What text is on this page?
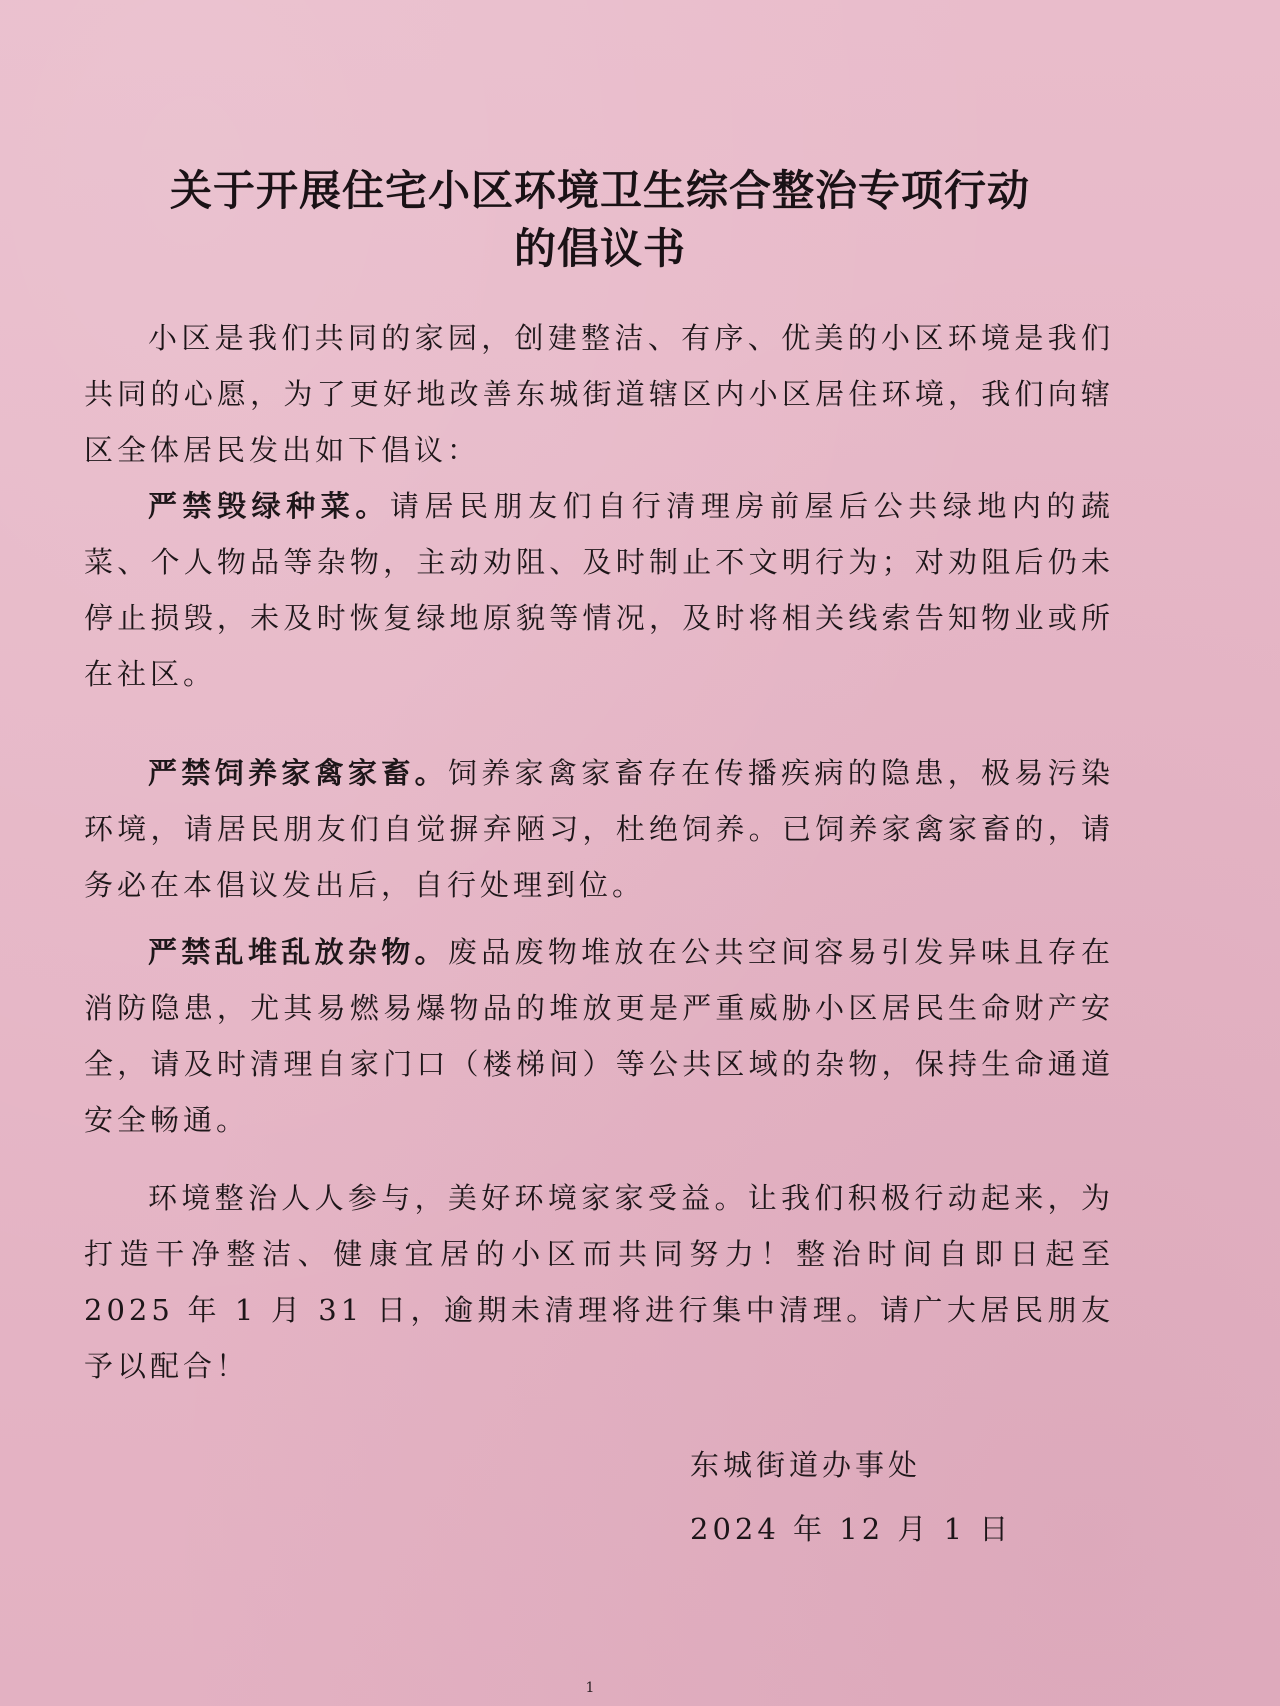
关于开展住宅小区环境卫生综合整治专项行动
的倡议书

小区是我们共同的家园，创建整洁、有序、优美的小区环境是我们共同的心愿，为了更好地改善东城街道辖区内小区居住环境，我们向辖区全体居民发出如下倡议：

严禁毁绿种菜。请居民朋友们自行清理房前屋后公共绿地内的蔬菜、个人物品等杂物，主动劝阻、及时制止不文明行为；对劝阻后仍未停止损毁，未及时恢复绿地原貌等情况，及时将相关线索告知物业或所在社区。

严禁饲养家禽家畜。饲养家禽家畜存在传播疾病的隐患，极易污染环境，请居民朋友们自觉摒弃陋习，杜绝饲养。已饲养家禽家畜的，请务必在本倡议发出后，自行处理到位。

严禁乱堆乱放杂物。废品废物堆放在公共空间容易引发异味且存在消防隐患，尤其易燃易爆物品的堆放更是严重威胁小区居民生命财产安全，请及时清理自家门口（楼梯间）等公共区域的杂物，保持生命通道安全畅通。

环境整治人人参与，美好环境家家受益。让我们积极行动起来，为打造干净整洁、健康宜居的小区而共同努力！整治时间自即日起至 2025 年 1 月 31 日，逾期未清理将进行集中清理。请广大居民朋友予以配合！

东城街道办事处
2024 年 12 月 1 日
1
